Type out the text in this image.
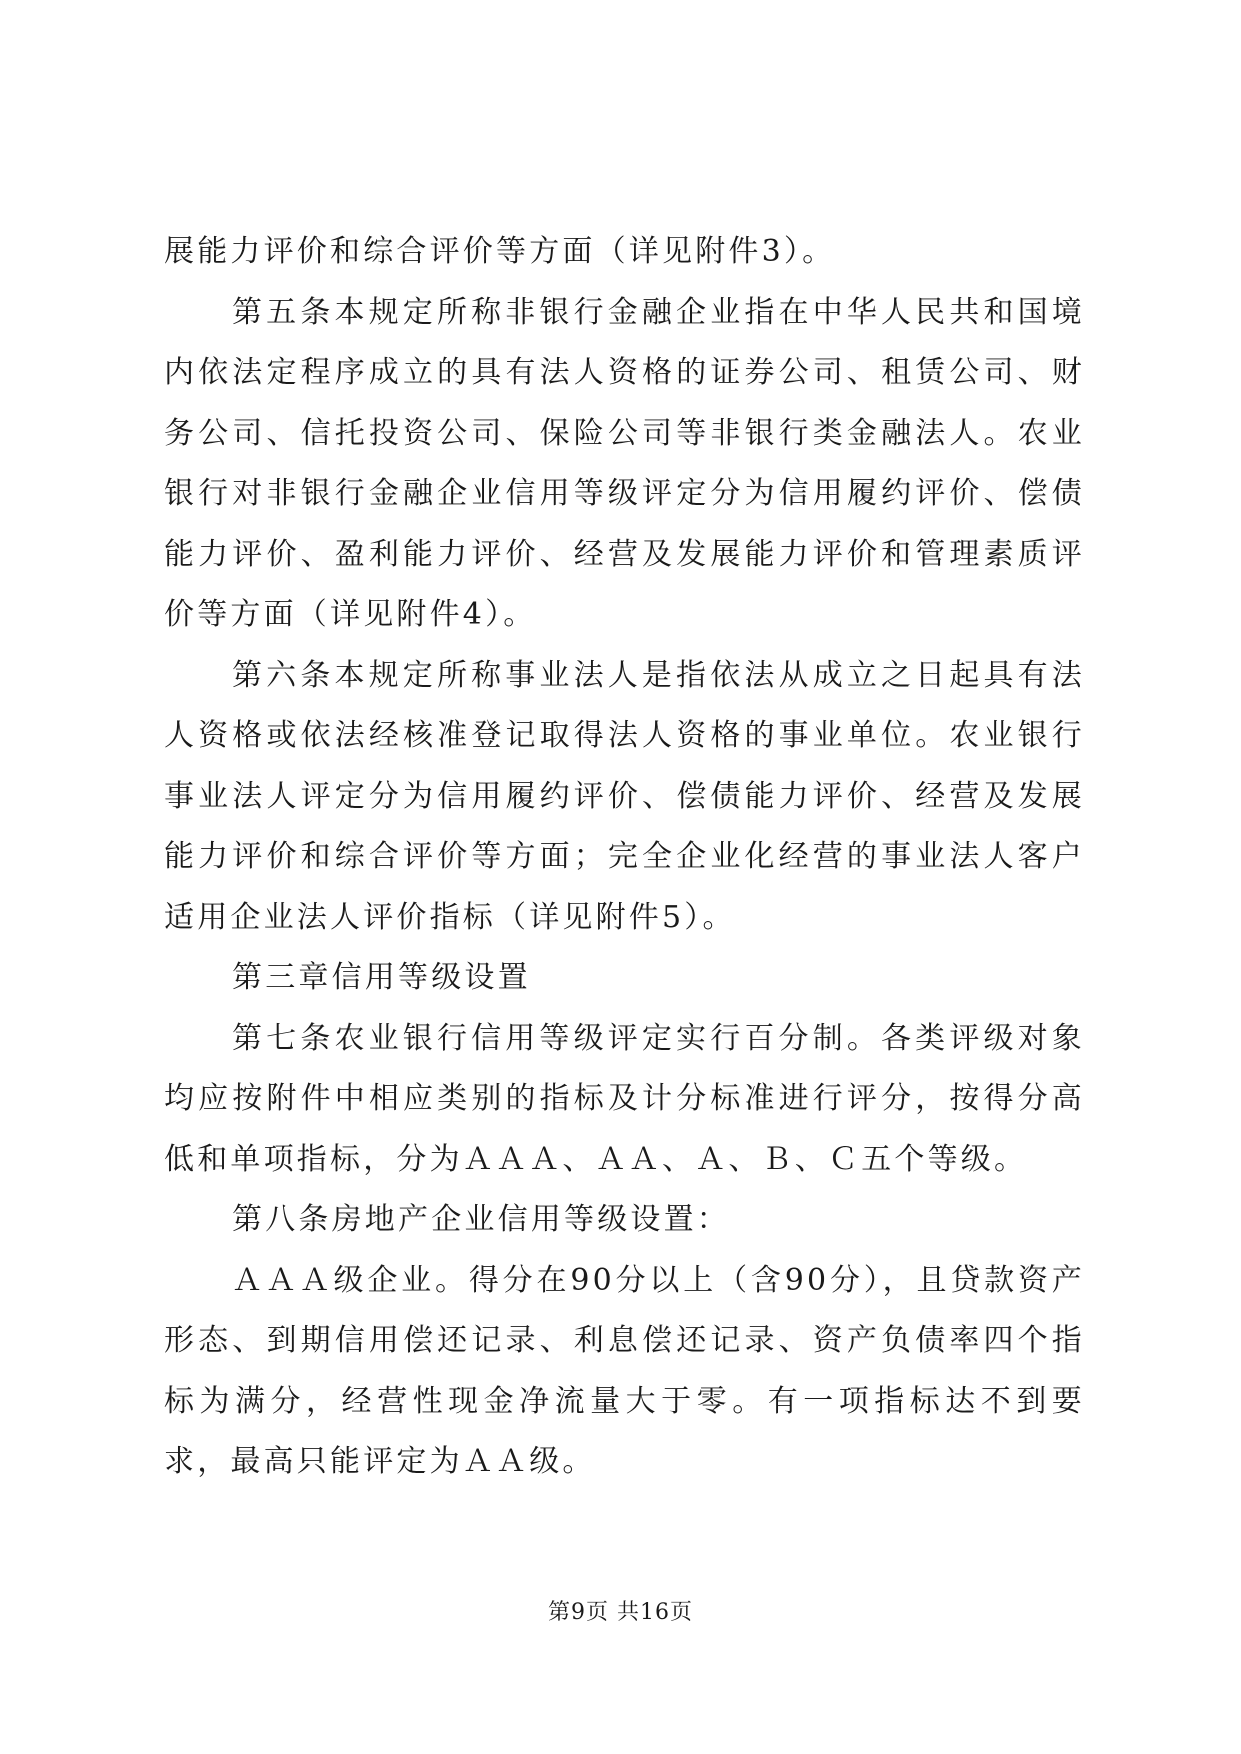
展能力评价和综合评价等方面（详见附件3）。

第五条本规定所称非银行金融企业指在中华人民共和国境内依法定程序成立的具有法人资格的证券公司、租赁公司、财务公司、信托投资公司、保险公司等非银行类金融法人。农业银行对非银行金融企业信用等级评定分为信用履约评价、偿债能力评价、盈利能力评价、经营及发展能力评价和管理素质评价等方面（详见附件4）。

第六条本规定所称事业法人是指依法从成立之日起具有法人资格或依法经核准登记取得法人资格的事业单位。农业银行事业法人评定分为信用履约评价、偿债能力评价、经营及发展能力评价和综合评价等方面；完全企业化经营的事业法人客户适用企业法人评价指标（详见附件5）。

第三章信用等级设置

第七条农业银行信用等级评定实行百分制。各类评级对象均应按附件中相应类别的指标及计分标准进行评分，按得分高低和单项指标，分为ＡＡＡ、ＡＡ、Ａ、Ｂ、Ｃ五个等级。

第八条房地产企业信用等级设置：

ＡＡＡ级企业。得分在90分以上（含90分），且贷款资产形态、到期信用偿还记录、利息偿还记录、资产负债率四个指标为满分，经营性现金净流量大于零。有一项指标达不到要求，最高只能评定为ＡＡ级。

第9页 共16页
